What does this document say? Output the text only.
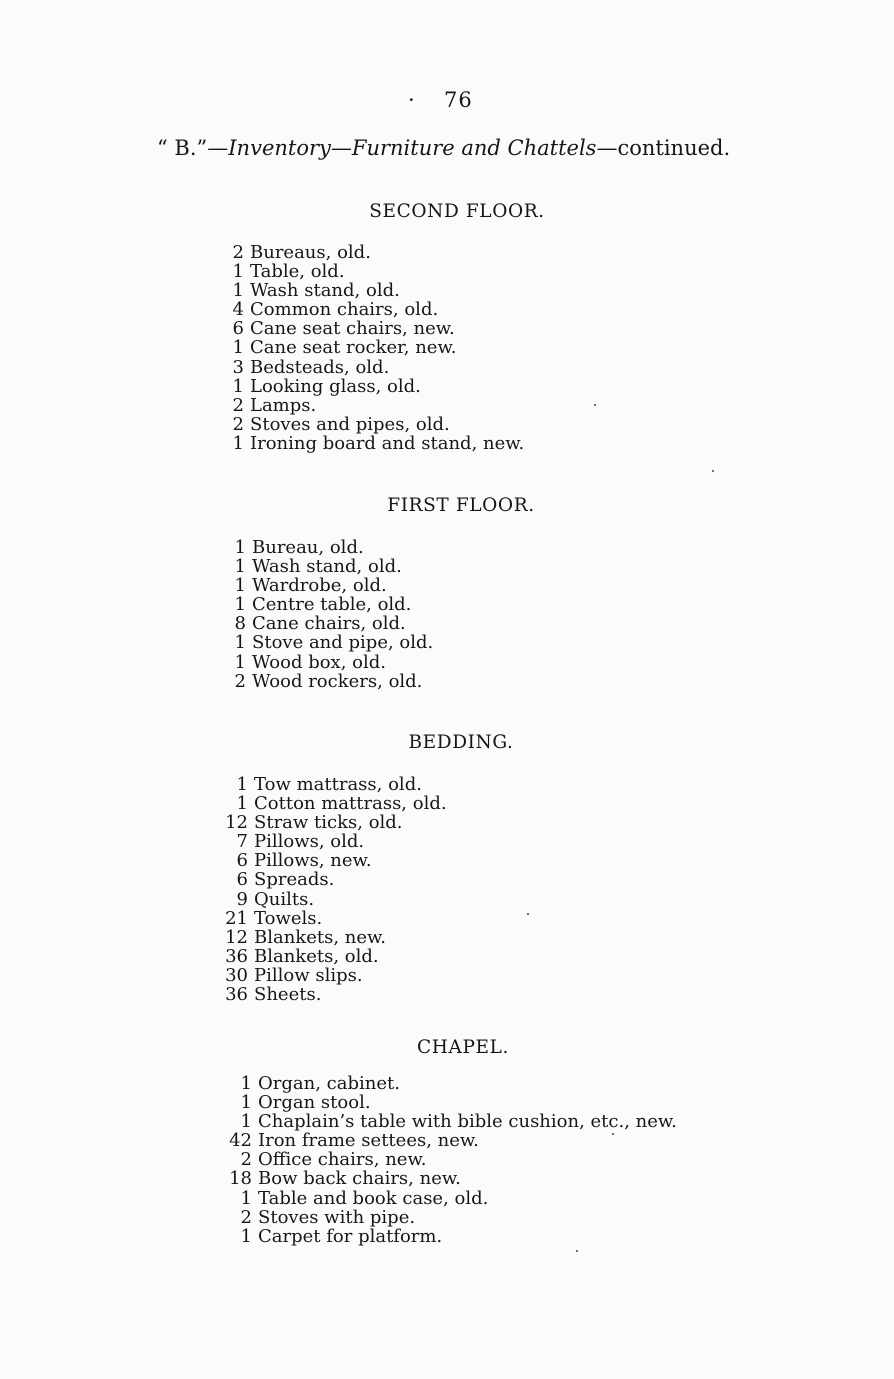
· 76
“ B.”—Inventory—Furniture and Chattels—continued.
SECOND FLOOR.
2 Bureaus, old.
1 Table, old.
1 Wash stand, old.
4 Common chairs, old.
6 Cane seat chairs, new.
1 Cane seat rocker, new.
3 Bedsteads, old.
1 Looking glass, old.
2 Lamps.
2 Stoves and pipes, old.
1 Ironing board and stand, new.
FIRST FLOOR.
1 Bureau, old.
1 Wash stand, old.
1 Wardrobe, old.
1 Centre table, old.
8 Cane chairs, old.
1 Stove and pipe, old.
1 Wood box, old.
2 Wood rockers, old.
BEDDING.
1 Tow mattrass, old.
1 Cotton mattrass, old.
12 Straw ticks, old.
7 Pillows, old.
6 Pillows, new.
6 Spreads.
9 Quilts.
21 Towels.
12 Blankets, new.
36 Blankets, old.
30 Pillow slips.
36 Sheets.
CHAPEL.
1 Organ, cabinet.
1 Organ stool.
1 Chaplain’s table with bible cushion, etc., new.
42 Iron frame settees, new.
2 Office chairs, new.
18 Bow back chairs, new.
1 Table and book case, old.
2 Stoves with pipe.
1 Carpet for platform.
